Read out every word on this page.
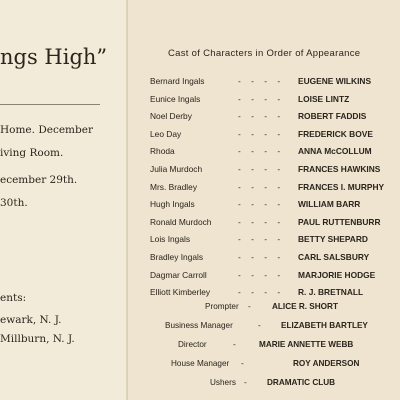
ngs High”
Home. December
iving Room.
ecember 29th.
30th.
ents:
ewark, N. J.
Millburn, N. J.
Cast of Characters in Order of Appearance
Bernard Ingals	- - - -	EUGENE WILKINS
Eunice Ingals	- - - -	LOISE LINTZ
Noel Derby	- - - -	ROBERT FADDIS
Leo Day	- - - -	FREDERICK BOVE
Rhoda	- - - -	ANNA McCOLLUM
Julia Murdoch	- - - -	FRANCES HAWKINS
Mrs. Bradley	- - - -	FRANCES I. MURPHY
Hugh Ingals	- - - -	WILLIAM BARR
Ronald Murdoch	- - - -	PAUL RUTTENBURR
Lois Ingals	- - - -	BETTY SHEPARD
Bradley Ingals	- - - -	CARL SALSBURY
Dagmar Carroll	- - - -	MARJORIE HODGE
Elliott Kimberley	- - - -	R. J. BRETNALL
Prompter -	ALICE R. SHORT
Business Manager	- ELIZABETH BARTLEY
Director	-	MARIE ANNETTE WEBB
House Manager -	ROY ANDERSON
Ushers - DRAMATIC CLUB
